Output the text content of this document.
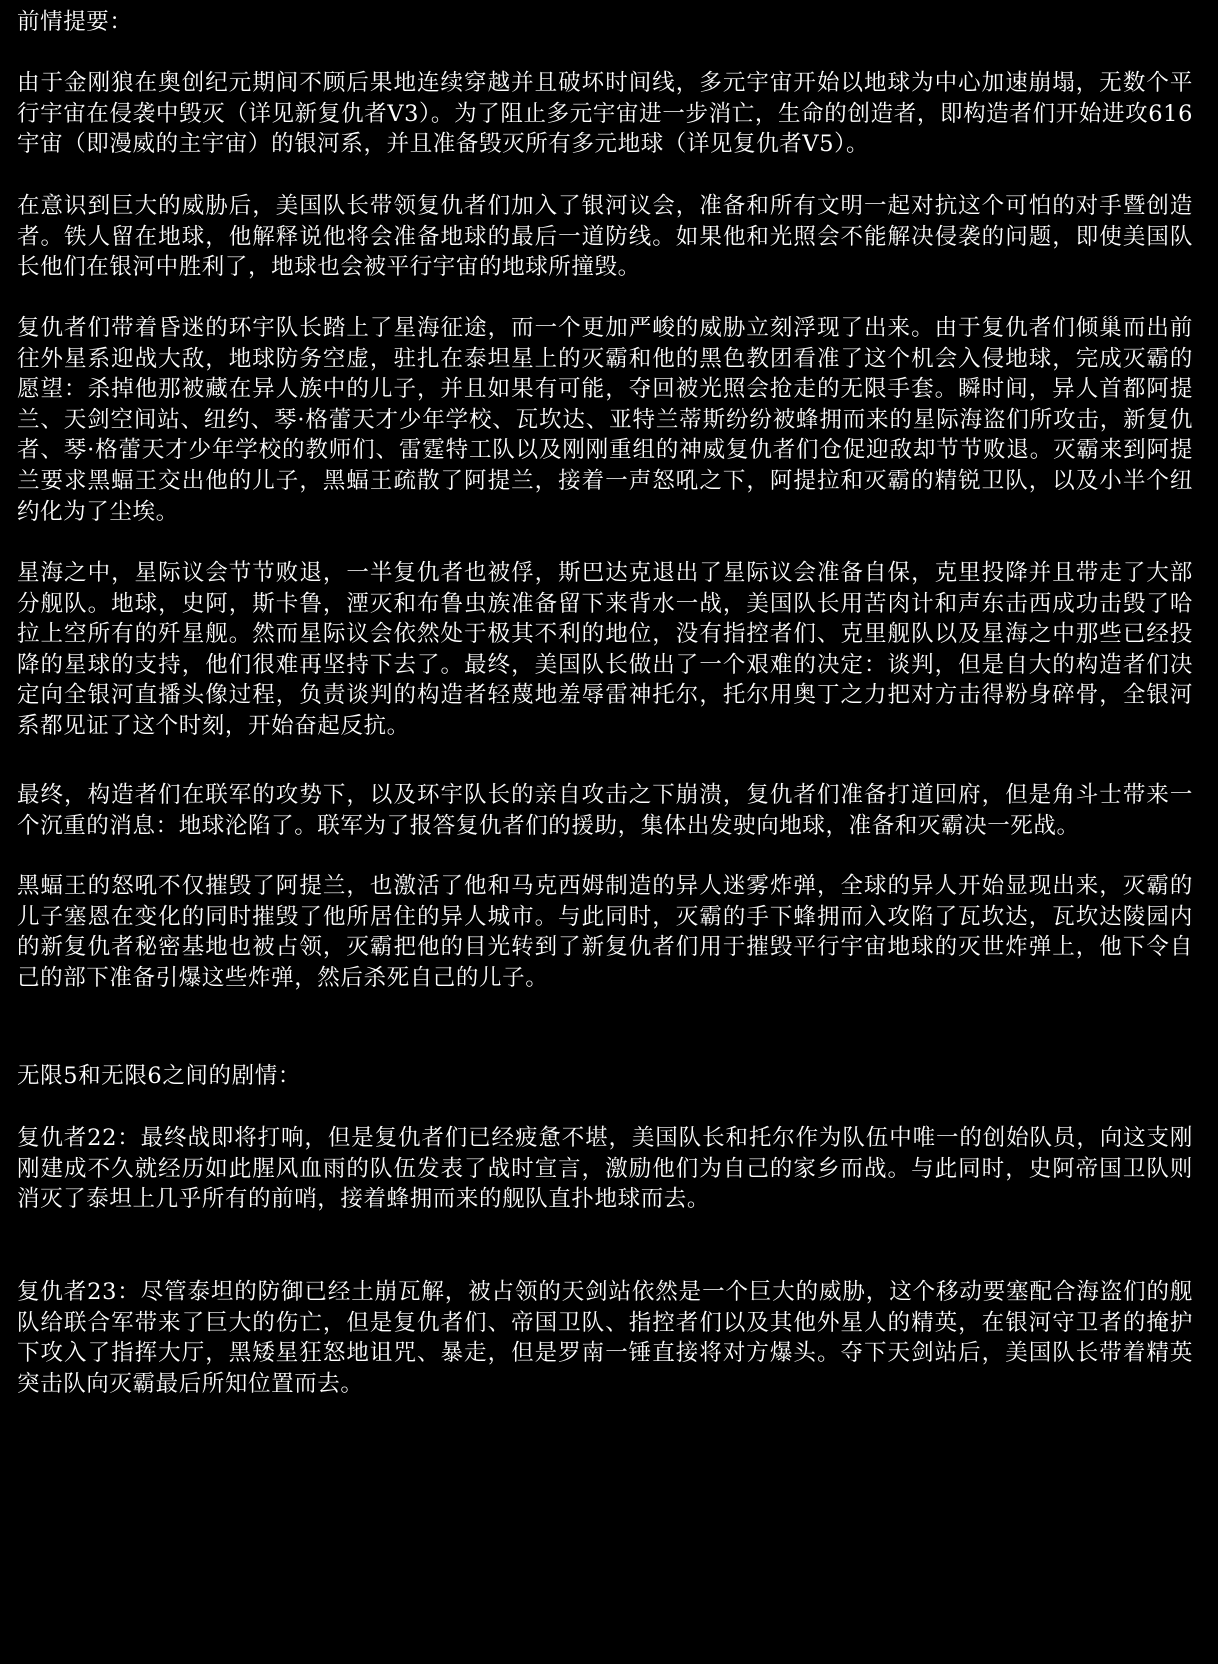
前情提要：

由于金刚狼在奥创纪元期间不顾后果地连续穿越并且破坏时间线，多元宇宙开始以地球为中心加速崩塌，无数个平行宇宙在侵袭中毁灭（详见新复仇者V3）。为了阻止多元宇宙进一步消亡，生命的创造者，即构造者们开始进攻616宇宙（即漫威的主宇宙）的银河系，并且准备毁灭所有多元地球（详见复仇者V5）。

在意识到巨大的威胁后，美国队长带领复仇者们加入了银河议会，准备和所有文明一起对抗这个可怕的对手暨创造者。铁人留在地球，他解释说他将会准备地球的最后一道防线。如果他和光照会不能解决侵袭的问题，即使美国队长他们在银河中胜利了，地球也会被平行宇宙的地球所撞毁。

复仇者们带着昏迷的环宇队长踏上了星海征途，而一个更加严峻的威胁立刻浮现了出来。由于复仇者们倾巢而出前往外星系迎战大敌，地球防务空虚，驻扎在泰坦星上的灭霸和他的黑色教团看准了这个机会入侵地球，完成灭霸的愿望：杀掉他那被藏在异人族中的儿子，并且如果有可能，夺回被光照会抢走的无限手套。瞬时间，异人首都阿提兰、天剑空间站、纽约、琴·格蕾天才少年学校、瓦坎达、亚特兰蒂斯纷纷被蜂拥而来的星际海盗们所攻击，新复仇者、琴·格蕾天才少年学校的教师们、雷霆特工队以及刚刚重组的神威复仇者们仓促迎敌却节节败退。灭霸来到阿提兰要求黑蝠王交出他的儿子，黑蝠王疏散了阿提兰，接着一声怒吼之下，阿提拉和灭霸的精锐卫队，以及小半个纽约化为了尘埃。

星海之中，星际议会节节败退，一半复仇者也被俘，斯巴达克退出了星际议会准备自保，克里投降并且带走了大部分舰队。地球，史阿，斯卡鲁，湮灭和布鲁虫族准备留下来背水一战，美国队长用苦肉计和声东击西成功击毁了哈拉上空所有的歼星舰。然而星际议会依然处于极其不利的地位，没有指控者们、克里舰队以及星海之中那些已经投降的星球的支持，他们很难再坚持下去了。最终，美国队长做出了一个艰难的决定：谈判，但是自大的构造者们决定向全银河直播头像过程，负责谈判的构造者轻蔑地羞辱雷神托尔，托尔用奥丁之力把对方击得粉身碎骨，全银河系都见证了这个时刻，开始奋起反抗。

最终，构造者们在联军的攻势下，以及环宇队长的亲自攻击之下崩溃，复仇者们准备打道回府，但是角斗士带来一个沉重的消息：地球沦陷了。联军为了报答复仇者们的援助，集体出发驶向地球，准备和灭霸决一死战。

黑蝠王的怒吼不仅摧毁了阿提兰，也激活了他和马克西姆制造的异人迷雾炸弹，全球的异人开始显现出来，灭霸的儿子塞恩在变化的同时摧毁了他所居住的异人城市。与此同时，灭霸的手下蜂拥而入攻陷了瓦坎达，瓦坎达陵园内的新复仇者秘密基地也被占领，灭霸把他的目光转到了新复仇者们用于摧毁平行宇宙地球的灭世炸弹上，他下令自己的部下准备引爆这些炸弹，然后杀死自己的儿子。

无限5和无限6之间的剧情：

复仇者22：最终战即将打响，但是复仇者们已经疲惫不堪，美国队长和托尔作为队伍中唯一的创始队员，向这支刚刚建成不久就经历如此腥风血雨的队伍发表了战时宣言，激励他们为自己的家乡而战。与此同时，史阿帝国卫队则消灭了泰坦上几乎所有的前哨，接着蜂拥而来的舰队直扑地球而去。

复仇者23：尽管泰坦的防御已经土崩瓦解，被占领的天剑站依然是一个巨大的威胁，这个移动要塞配合海盗们的舰队给联合军带来了巨大的伤亡，但是复仇者们、帝国卫队、指控者们以及其他外星人的精英，在银河守卫者的掩护下攻入了指挥大厅，黑矮星狂怒地诅咒、暴走，但是罗南一锤直接将对方爆头。夺下天剑站后，美国队长带着精英突击队向灭霸最后所知位置而去。
